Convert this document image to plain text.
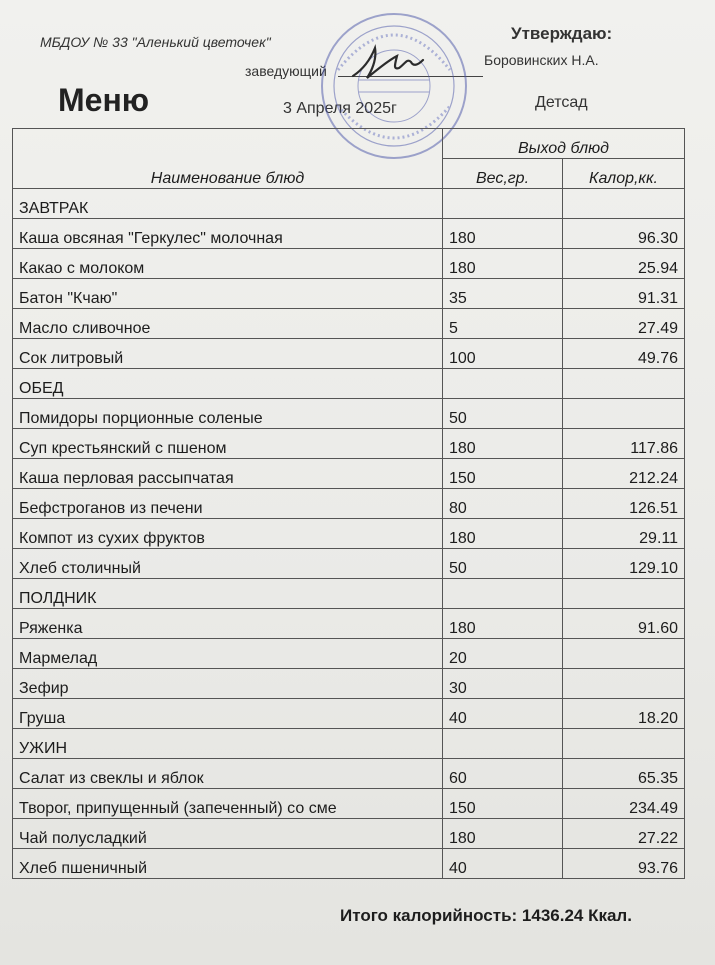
МБДОУ № 33 "Аленький цветочек"	Утверждаю:
заведующий
Боровинских Н.А.
Меню	3 Апреля 2025г	Детсад
Наименование блюд	Выход блюд	
	Вес,гр.	Калор,кк.
ЗАВТРАК		
Каша овсяная "Геркулес" молочная	180	96.30
Какао с молоком	180	25.94
Батон "Кчаю"	35	91.31
Масло сливочное	5	27.49
Сок литровый	100	49.76
ОБЕД		
Помидоры порционные соленые	50	
Суп крестьянский с пшеном	180	117.86
Каша перловая рассыпчатая	150	212.24
Бефстроганов из печени	80	126.51
Компот из сухих фруктов	180	29.11
Хлеб столичный	50	129.10
ПОЛДНИК		
Ряженка	180	91.60
Мармелад	20	
Зефир	30	
Груша	40	18.20
УЖИН		
Салат из свеклы и яблок	60	65.35
Творог, припущенный (запеченный) со сме	150	234.49
Чай полусладкий	180	27.22
Хлеб пшеничный	40	93.76
Итого калорийность: 1436.24 Ккал.
